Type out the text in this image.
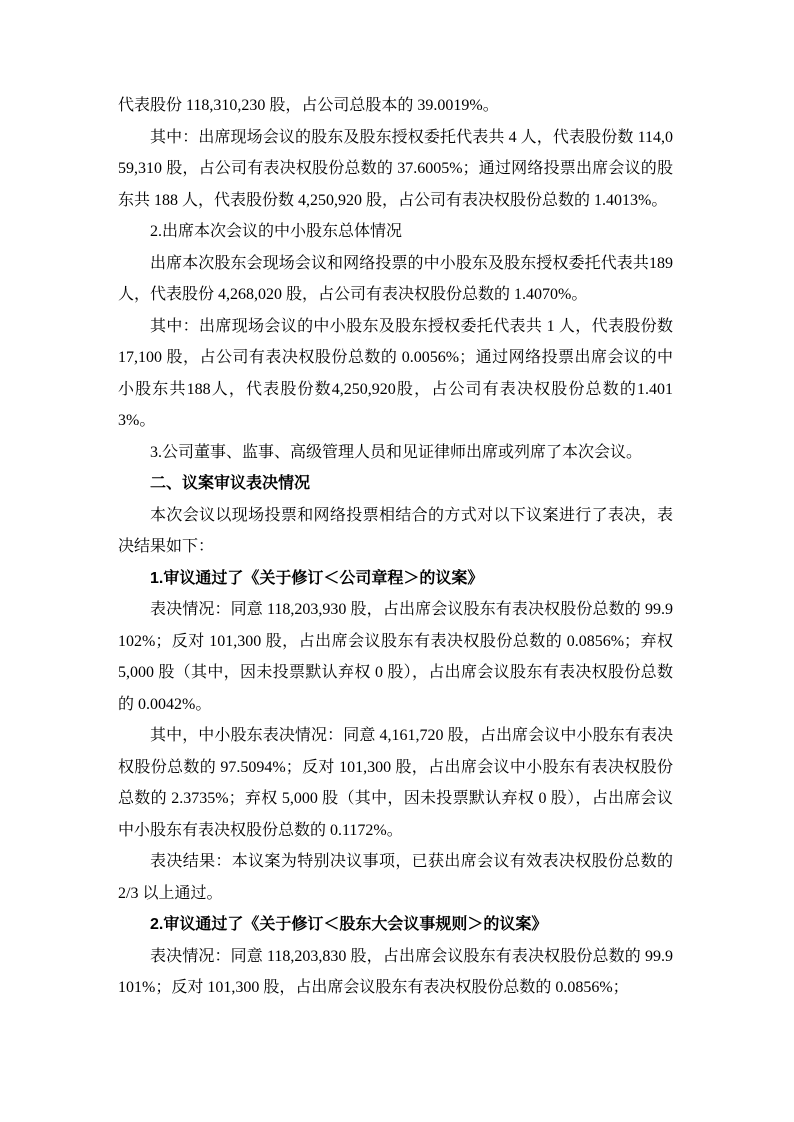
代表股份 118,310,230 股，占公司总股本的 39.0019%。

其中：出席现场会议的股东及股东授权委托代表共 4 人，代表股份数 114,059,310 股，占公司有表决权股份总数的 37.6005%；通过网络投票出席会议的股东共 188 人，代表股份数 4,250,920 股，占公司有表决权股份总数的 1.4013%。

2.出席本次会议的中小股东总体情况

出席本次股东会现场会议和网络投票的中小股东及股东授权委托代表共189人，代表股份 4,268,020 股，占公司有表决权股份总数的 1.4070%。

其中：出席现场会议的中小股东及股东授权委托代表共 1 人，代表股份数 17,100 股，占公司有表决权股份总数的 0.0056%；通过网络投票出席会议的中小股东共188人，代表股份数4,250,920股，占公司有表决权股份总数的1.4013%。

3.公司董事、监事、高级管理人员和见证律师出席或列席了本次会议。

二、议案审议表决情况

本次会议以现场投票和网络投票相结合的方式对以下议案进行了表决，表决结果如下：

1.审议通过了《关于修订＜公司章程＞的议案》

表决情况：同意 118,203,930 股，占出席会议股东有表决权股份总数的 99.9102%；反对 101,300 股，占出席会议股东有表决权股份总数的 0.0856%；弃权 5,000 股（其中，因未投票默认弃权 0 股），占出席会议股东有表决权股份总数的 0.0042%。

其中，中小股东表决情况：同意 4,161,720 股，占出席会议中小股东有表决权股份总数的 97.5094%；反对 101,300 股，占出席会议中小股东有表决权股份总数的 2.3735%；弃权 5,000 股（其中，因未投票默认弃权 0 股），占出席会议中小股东有表决权股份总数的 0.1172%。

表决结果：本议案为特别决议事项，已获出席会议有效表决权股份总数的 2/3 以上通过。

2.审议通过了《关于修订＜股东大会议事规则＞的议案》

表决情况：同意 118,203,830 股，占出席会议股东有表决权股份总数的 99.9101%；反对 101,300 股，占出席会议股东有表决权股份总数的 0.0856%；
